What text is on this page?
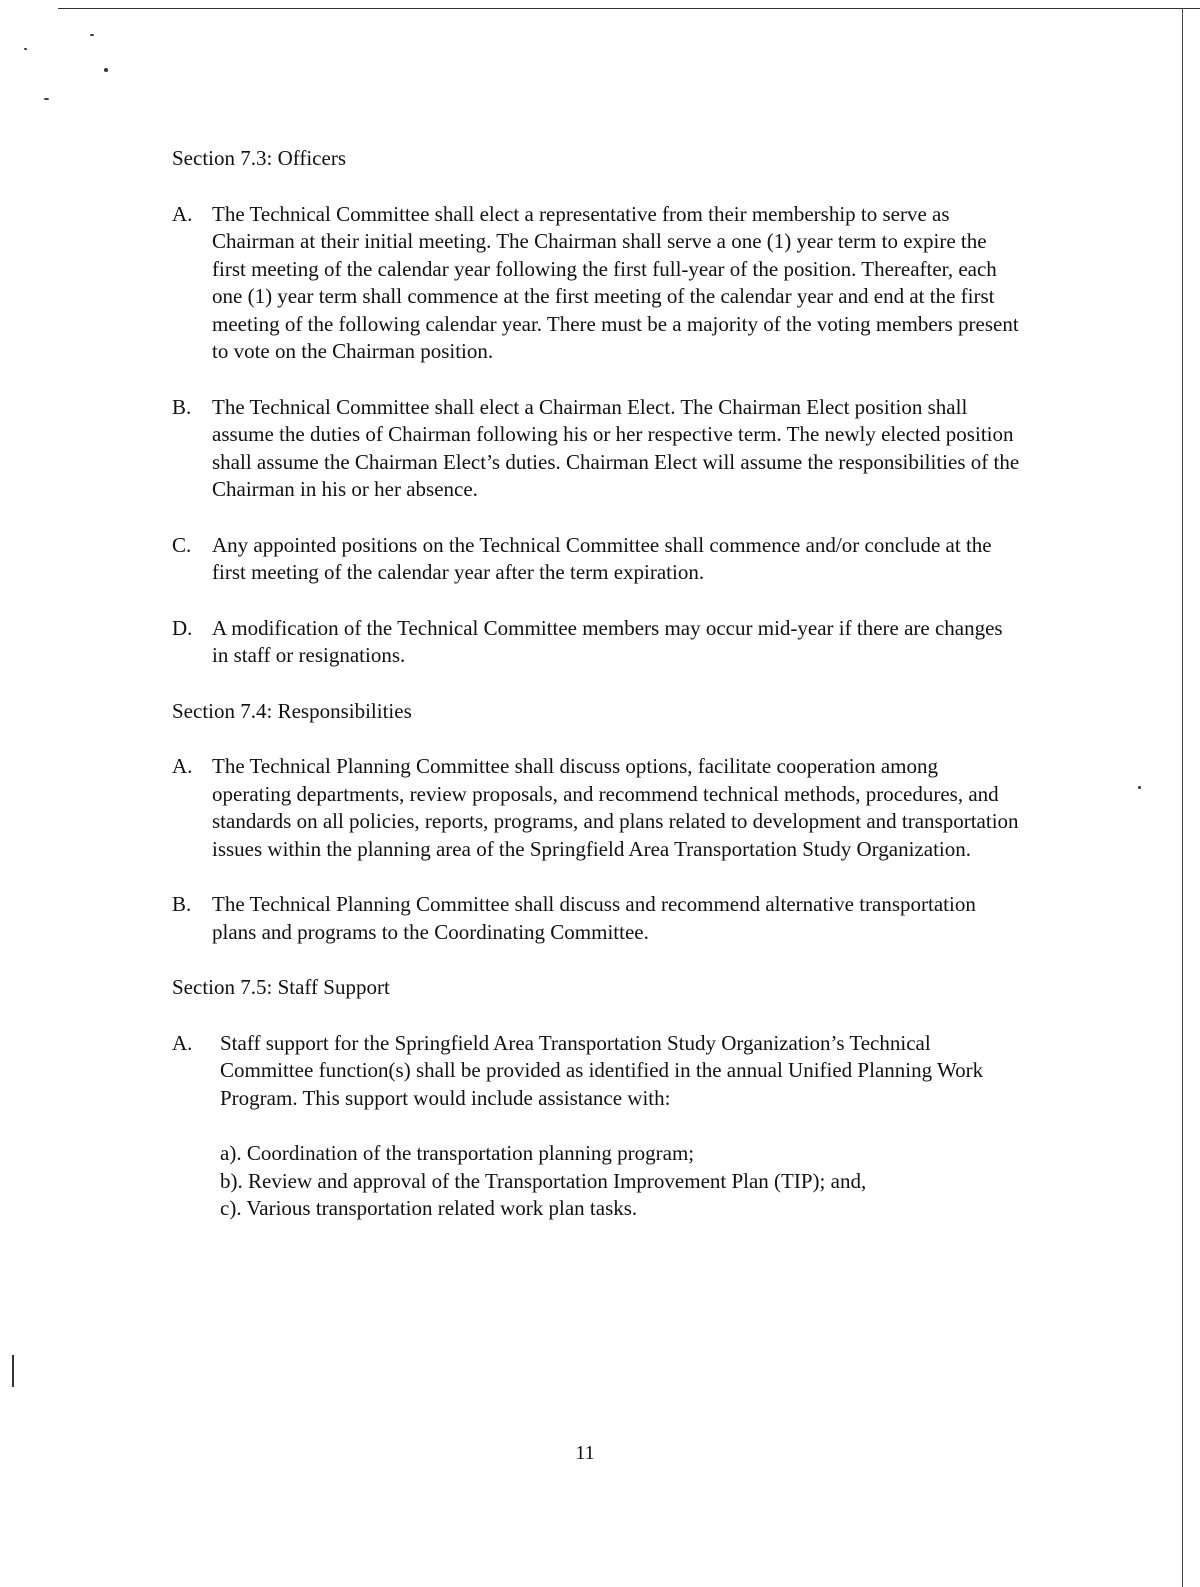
Section 7.3: Officers
A. The Technical Committee shall elect a representative from their membership to serve as Chairman at their initial meeting. The Chairman shall serve a one (1) year term to expire the first meeting of the calendar year following the first full-year of the position. Thereafter, each one (1) year term shall commence at the first meeting of the calendar year and end at the first meeting of the following calendar year. There must be a majority of the voting members present to vote on the Chairman position.
B. The Technical Committee shall elect a Chairman Elect. The Chairman Elect position shall assume the duties of Chairman following his or her respective term. The newly elected position shall assume the Chairman Elect’s duties. Chairman Elect will assume the responsibilities of the Chairman in his or her absence.
C. Any appointed positions on the Technical Committee shall commence and/or conclude at the first meeting of the calendar year after the term expiration.
D. A modification of the Technical Committee members may occur mid-year if there are changes in staff or resignations.
Section 7.4: Responsibilities
A. The Technical Planning Committee shall discuss options, facilitate cooperation among operating departments, review proposals, and recommend technical methods, procedures, and standards on all policies, reports, programs, and plans related to development and transportation issues within the planning area of the Springfield Area Transportation Study Organization.
B. The Technical Planning Committee shall discuss and recommend alternative transportation plans and programs to the Coordinating Committee.
Section 7.5: Staff Support
A. Staff support for the Springfield Area Transportation Study Organization’s Technical Committee function(s) shall be provided as identified in the annual Unified Planning Work Program. This support would include assistance with:
a). Coordination of the transportation planning program;
b). Review and approval of the Transportation Improvement Plan (TIP); and,
c). Various transportation related work plan tasks.
11
